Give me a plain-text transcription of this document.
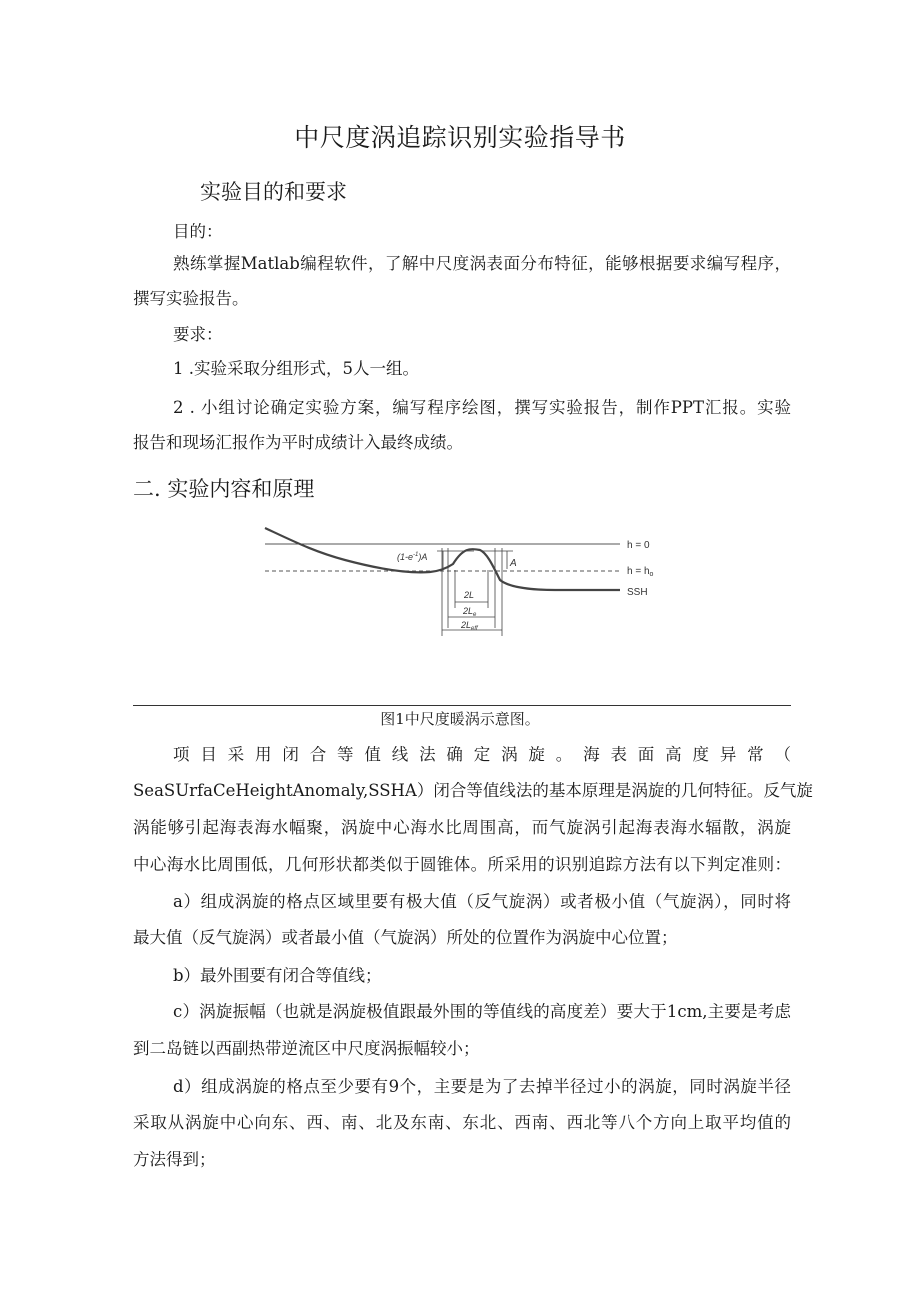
中尺度涡追踪识别实验指导书
实验目的和要求
目的：
熟练掌握Matlab编程软件，了解中尺度涡表面分布特征，能够根据要求编写程序，
撰写实验报告。
要求：
1 .实验采取分组形式，5人一组。
2 . 小组讨论确定实验方案，编写程序绘图，撰写实验报告，制作PPT汇报。实验
报告和现场汇报作为平时成绩计入最终成绩。
二. 实验内容和原理
h = 0
$h = h_o$
SSH
A
$(1-e^{-1})A$
2L
$2L_e$
$2L_{eff}$
图1中尺度暖涡示意图。
项 目 采 用 闭 合 等 值 线 法 确 定 涡 旋 。 海 表 面 高 度 异 常 （
SeaSUrfaCeHeightAnomaly,SSHA）闭合等值线法的基本原理是涡旋的几何特征。反气旋
涡能够引起海表海水幅聚，涡旋中心海水比周围高，而气旋涡引起海表海水辐散，涡旋
中心海水比周围低，几何形状都类似于圆锥体。所采用的识别追踪方法有以下判定准则：
a）组成涡旋的格点区域里要有极大值（反气旋涡）或者极小值（气旋涡），同时将
最大值（反气旋涡）或者最小值（气旋涡）所处的位置作为涡旋中心位置；
b）最外围要有闭合等值线；
c）涡旋振幅（也就是涡旋极值跟最外围的等值线的高度差）要大于1cm,主要是考虑
到二岛链以西副热带逆流区中尺度涡振幅较小；
d）组成涡旋的格点至少要有9个，主要是为了去掉半径过小的涡旋，同时涡旋半径
采取从涡旋中心向东、西、南、北及东南、东北、西南、西北等八个方向上取平均值的
方法得到；
